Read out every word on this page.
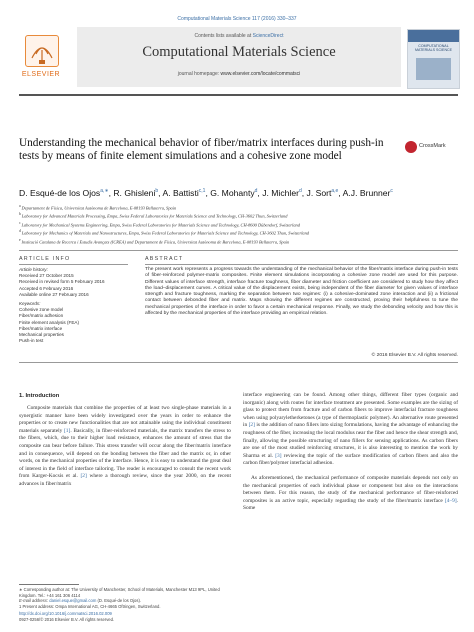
Computational Materials Science 117 (2016) 330–337
ELSEVIER
Contents lists available at ScienceDirect
Computational Materials Science
journal homepage: www.elsevier.com/locate/commatsci
COMPUTATIONAL MATERIALS SCIENCE
Understanding the mechanical behavior of fiber/matrix interfaces during push-in tests by means of finite element simulations and a cohesive zone model
CrossMark
D. Esqué-de los Ojos$^{a,∗}$, R. Ghisleni$^b$, A. Battisti$^{c,1}$, G. Mohanty$^d$, J. Michler$^d$, J. Sort$^{a,e}$, A.J. Brunner$^c$
$^a$ Departament de Física, Universitat Autònoma de Barcelona, E-08193 Bellaterra, Spain
$^b$ Laboratory for Advanced Materials Processing, Empa, Swiss Federal Laboratories for Materials Science and Technology, CH-3602 Thun, Switzerland
$^c$ Laboratory for Mechanical Systems Engineering, Empa, Swiss Federal Laboratories for Materials Science and Technology, CH-8600 Dübendorf, Switzerland
$^d$ Laboratory for Mechanics of Materials and Nanostructures, Empa, Swiss Federal Laboratories for Materials Science and Technology, CH-3602 Thun, Switzerland
$^e$ Institució Catalana de Recerca i Estudis Avançats (ICREA) and Departament de Física, Universitat Autònoma de Barcelona, E-08193 Bellaterra, Spain
ARTICLE INFO
Article history:
Received 27 October 2015
Received in revised form 5 February 2016
Accepted 6 February 2016
Available online 27 February 2016
Keywords:
Cohesive zone model
Fiber/matrix adhesion
Finite element analysis (FEA)
Fiber/matrix interface
Mechanical properties
Push-in test
ABSTRACT
The present work represents a progress towards the understanding of the mechanical behavior of the fiber/matrix interface during push-in tests of fiber-reinforced polymer-matrix composites. Finite element simulations incorporating a cohesive zone model are used for this purpose. Different values of interface strength, interface fracture toughness, fiber diameter and friction coefficient are considered to study how they affect the load–displacement curves. A critical value of the displacement exists, being independent of the fiber diameter for given values of interface strength and fracture toughness, marking the separation between two regimes: (i) a cohesive-dominated zone interaction and (ii) a frictional contact between debonded fiber and matrix. Maps showing the different regimes are constructed, proving their helpfulness to tune the mechanical properties of the interface in order to favor a certain mechanical response. Finally, we study the debonding velocity and how this is affected by the mechanical properties of the interface providing an empirical relation.
© 2016 Elsevier B.V. All rights reserved.
1. Introduction

Composite materials that combine the properties of at least two single-phase materials in a synergistic manner have been widely investigated over the years in order to enhance the properties or to create new functionalities that are not attainable using the individual constituent materials separately [1]. Basically, in fiber-reinforced materials, the matrix transfers the stress to the fibers, which, due to their higher load resistance, enhances the amount of stress that the composite can bear before failure. This stress transfer will occur along the fiber/matrix interface and in consequence, will depend on the bonding between the fiber and the matrix or, in other words, on the mechanical properties of the interface. Hence, it is easy to understand the great deal of interest in the field of interface tailoring. The reader is encouraged to consult the recent work from Karger-Kocsis et al. [2] where a thorough review, since the year 2000, on the recent advances in fiber/matrix

interface engineering can be found. Among other things, different fiber types (organic and inorganic) along with routes for interface treatment are presented. Some examples are the sizing of glass to protect them from fracture and of carbon fibers to improve interfacial fracture toughness when using polyaryletherketones (a type of thermoplastic polymer). An alternative route presented in [2] is the addition of nano fillers into sizing formulations, having the advantage of enhancing the roughness of the fiber, increasing the local modulus near the fiber and hence the shear strength and, finally, allowing the possible structuring of nano fillers for sensing applications. As carbon fibers are one of the most studied reinforcing structures, it is also interesting to mention the work by Sharma et al. [3] reviewing the topic of the surface modification of carbon fibers and also the carbon fiber/polymer interfacial adhesion.

As aforementioned, the mechanical performance of composite materials depends not only on the mechanical properties of each individual phase or component but also on the interactions between them. For this reason, the study of the mechanical performance of fiber-reinforced composites is an active topic, especially regarding the study of the fiber/matrix interface [4–9]. Some

∗ Corresponding author at: The University of Manchester, School of Materials, Manchester M13 9PL, United Kingdom. Tel.: +44 161 306 4114
E-mail address: daniel.esque@gmail.com (D. Esqué-de los Ojos).
1 Present address: Ompa International AG, CH-4665 Oftringen, Switzerland.
http://dx.doi.org/10.1016/j.commatsci.2016.02.009
0927-0256/© 2016 Elsevier B.V. All rights reserved.
